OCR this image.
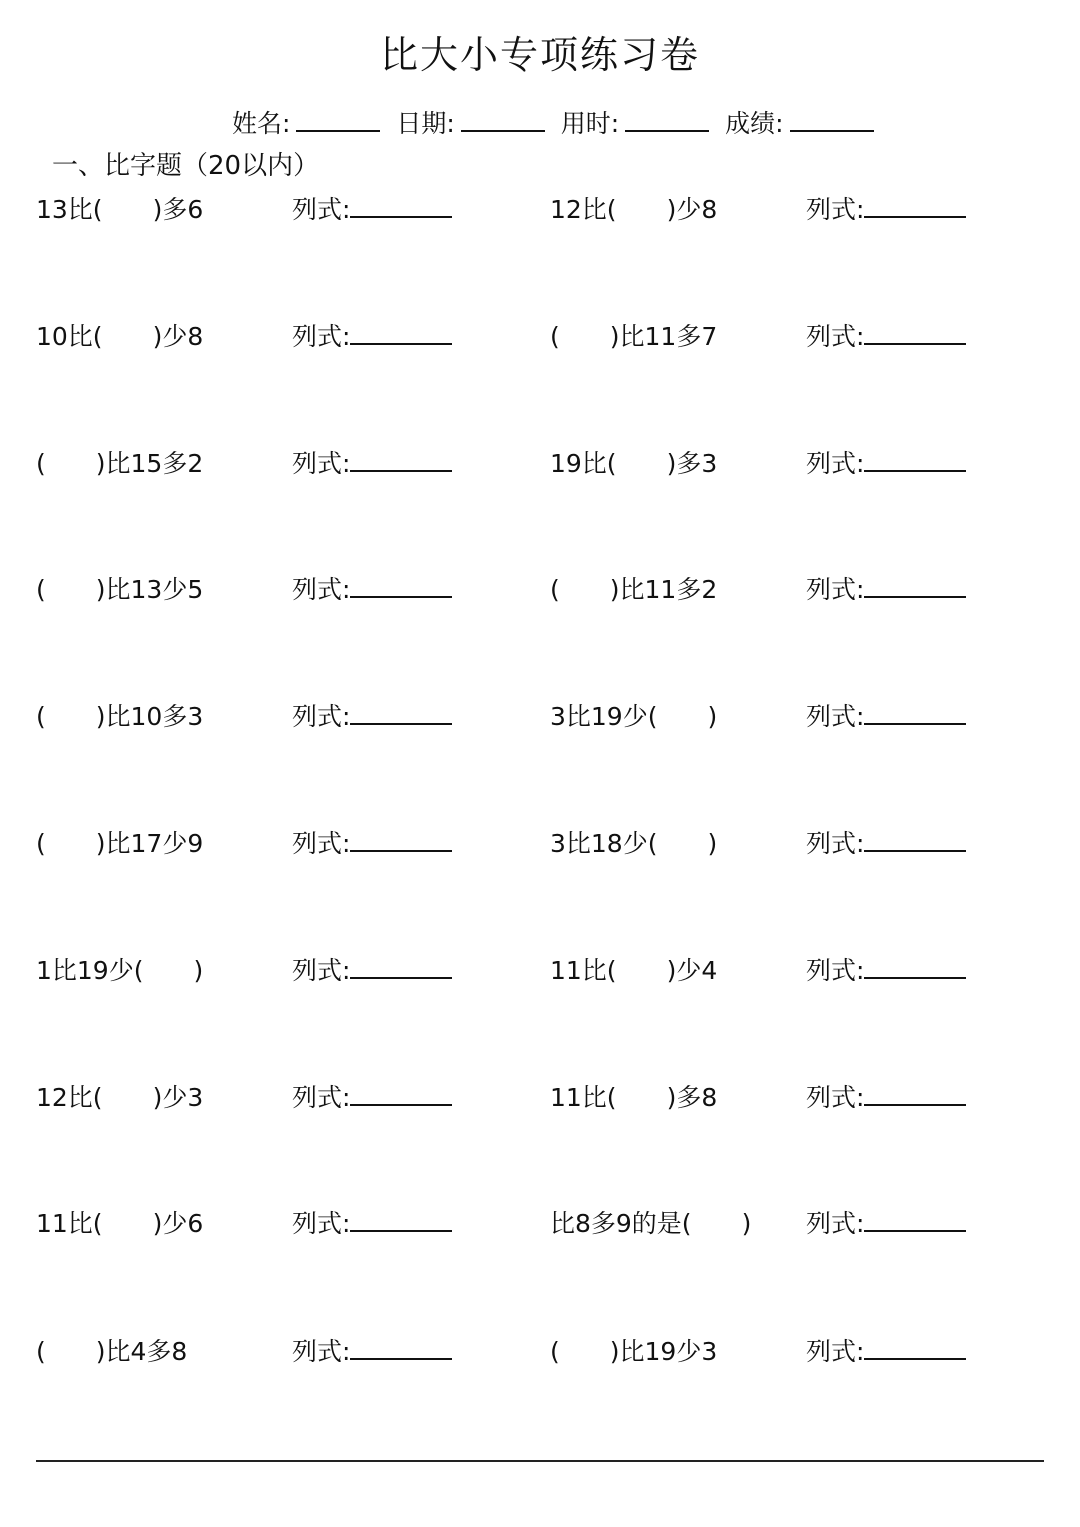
比大小专项练习卷
姓名:	日期:	用时:	成绩:
一、比字题（20以内）
13比(　　)多6	列式:	12比(　　)少8	列式:
10比(　　)少8	列式:	(　　)比11多7	列式:
(　　)比15多2	列式:	19比(　　)多3	列式:
(　　)比13少5	列式:	(　　)比11多2	列式:
(　　)比10多3	列式:	3比19少(　　)	列式:
(　　)比17少9	列式:	3比18少(　　)	列式:
1比19少(　　)	列式:	11比(　　)少4	列式:
12比(　　)少3	列式:	11比(　　)多8	列式:
11比(　　)少6	列式:	比8多9的是(　　) 列式:
(　　)比4多8	列式:	(　　)比19少3	列式:
